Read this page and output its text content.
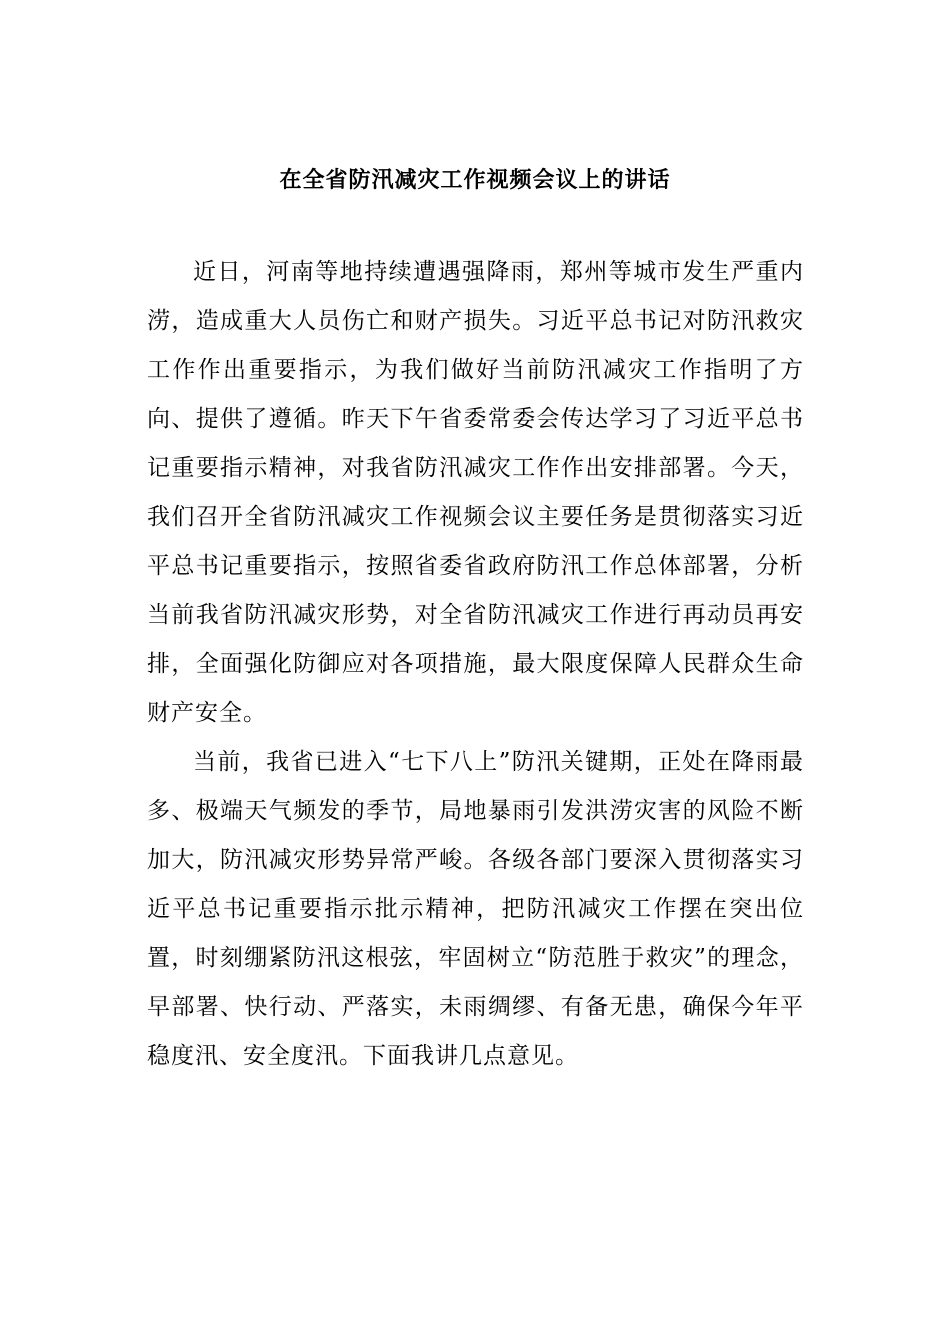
在全省防汛减灾工作视频会议上的讲话

近日，河南等地持续遭遇强降雨，郑州等城市发生严重内涝，造成重大人员伤亡和财产损失。习近平总书记对防汛救灾工作作出重要指示，为我们做好当前防汛减灾工作指明了方向、提供了遵循。昨天下午省委常委会传达学习了习近平总书记重要指示精神，对我省防汛减灾工作作出安排部署。今天，我们召开全省防汛减灾工作视频会议主要任务是贯彻落实习近平总书记重要指示，按照省委省政府防汛工作总体部署，分析当前我省防汛减灾形势，对全省防汛减灾工作进行再动员再安排，全面强化防御应对各项措施，最大限度保障人民群众生命财产安全。

当前，我省已进入“七下八上”防汛关键期，正处在降雨最多、极端天气频发的季节，局地暴雨引发洪涝灾害的风险不断加大，防汛减灾形势异常严峻。各级各部门要深入贯彻落实习近平总书记重要指示批示精神，把防汛减灾工作摆在突出位置，时刻绷紧防汛这根弦，牢固树立“防范胜于救灾”的理念，早部署、快行动、严落实，未雨绸缪、有备无患，确保今年平稳度汛、安全度汛。下面我讲几点意见。
